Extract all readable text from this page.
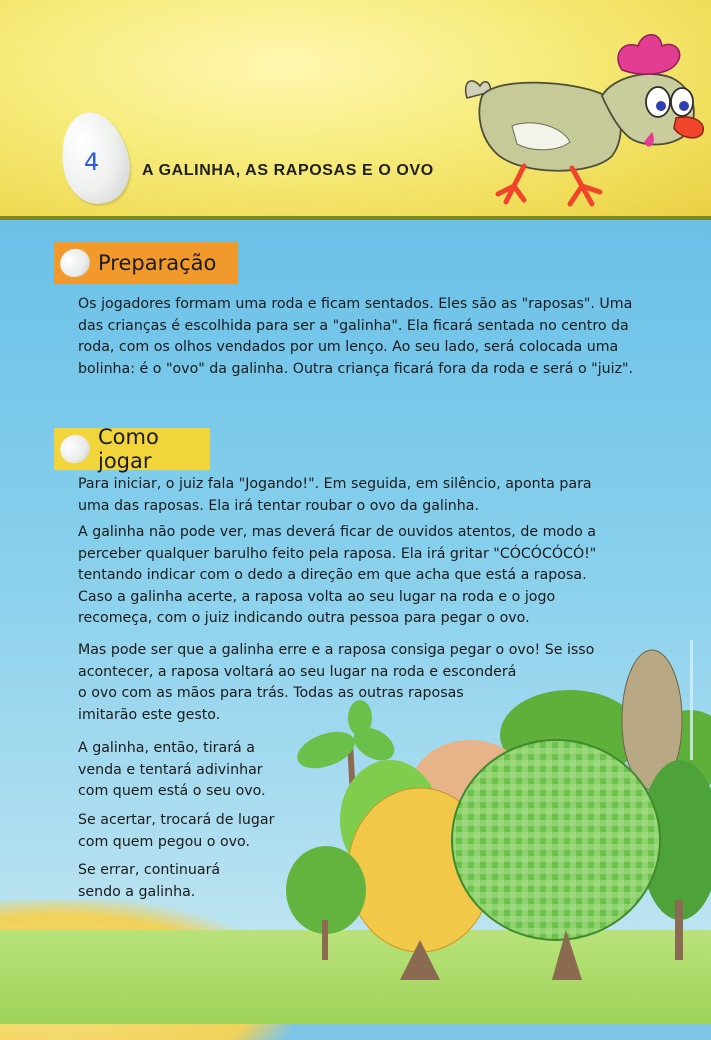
4	A GALINHA, AS RAPOSAS E O OVO
Preparação

Os jogadores formam uma roda e ficam sentados. Eles são as "raposas". Uma das crianças é escolhida para ser a "galinha". Ela ficará sentada no centro da roda, com os olhos vendados por um lenço. Ao seu lado, será colocada uma bolinha: é o "ovo" da galinha. Outra criança ficará fora da roda e será o "juiz".

Como jogar

Para iniciar, o juiz fala "Jogando!". Em seguida, em silêncio, aponta para uma das raposas. Ela irá tentar roubar o ovo da galinha.

A galinha não pode ver, mas deverá ficar de ouvidos atentos, de modo a perceber qualquer barulho feito pela raposa. Ela irá gritar "CÓCÓCÓCÓ!" tentando indicar com o dedo a direção em que acha que está a raposa. Caso a galinha acerte, a raposa volta ao seu lugar na roda e o jogo recomeça, com o juiz indicando outra pessoa para pegar o ovo.

Mas pode ser que a galinha erre e a raposa consiga pegar o ovo! Se isso acontecer, a raposa voltará ao seu lugar na roda e esconderá
o ovo com as mãos para trás. Todas as outras raposas imitarão este gesto.

A galinha, então, tirará a venda e tentará adivinhar com quem está o seu ovo.

Se acertar, trocará de lugar com quem pegou o ovo.

Se errar, continuará sendo a galinha.
